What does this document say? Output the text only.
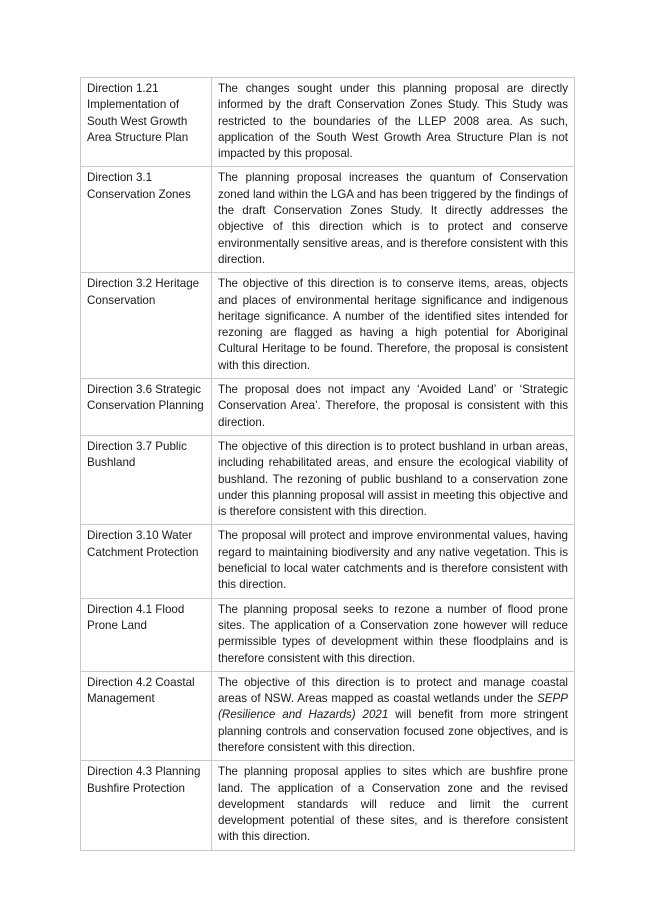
Direction 1.21 Implementation of South West Growth Area Structure Plan	The changes sought under this planning proposal are directly informed by the draft Conservation Zones Study. This Study was restricted to the boundaries of the LLEP 2008 area. As such, application of the South West Growth Area Structure Plan is not impacted by this proposal.
Direction 3.1 Conservation Zones	The planning proposal increases the quantum of Conservation zoned land within the LGA and has been triggered by the findings of the draft Conservation Zones Study. It directly addresses the objective of this direction which is to protect and conserve environmentally sensitive areas, and is therefore consistent with this direction.
Direction 3.2 Heritage Conservation	The objective of this direction is to conserve items, areas, objects and places of environmental heritage significance and indigenous heritage significance. A number of the identified sites intended for rezoning are flagged as having a high potential for Aboriginal Cultural Heritage to be found. Therefore, the proposal is consistent with this direction.
Direction 3.6 Strategic Conservation Planning	The proposal does not impact any ‘Avoided Land’ or ‘Strategic Conservation Area’. Therefore, the proposal is consistent with this direction.
Direction 3.7 Public Bushland	The objective of this direction is to protect bushland in urban areas, including rehabilitated areas, and ensure the ecological viability of bushland. The rezoning of public bushland to a conservation zone under this planning proposal will assist in meeting this objective and is therefore consistent with this direction.
Direction 3.10 Water Catchment Protection	The proposal will protect and improve environmental values, having regard to maintaining biodiversity and any native vegetation. This is beneficial to local water catchments and is therefore consistent with this direction.
Direction 4.1 Flood Prone Land	The planning proposal seeks to rezone a number of flood prone sites. The application of a Conservation zone however will reduce permissible types of development within these floodplains and is therefore consistent with this direction.
Direction 4.2 Coastal Management	The objective of this direction is to protect and manage coastal areas of NSW. Areas mapped as coastal wetlands under the SEPP (Resilience and Hazards) 2021 will benefit from more stringent planning controls and conservation focused zone objectives, and is therefore consistent with this direction.
Direction 4.3 Planning Bushfire Protection	The planning proposal applies to sites which are bushfire prone land. The application of a Conservation zone and the revised development standards will reduce and limit the current development potential of these sites, and is therefore consistent with this direction.
